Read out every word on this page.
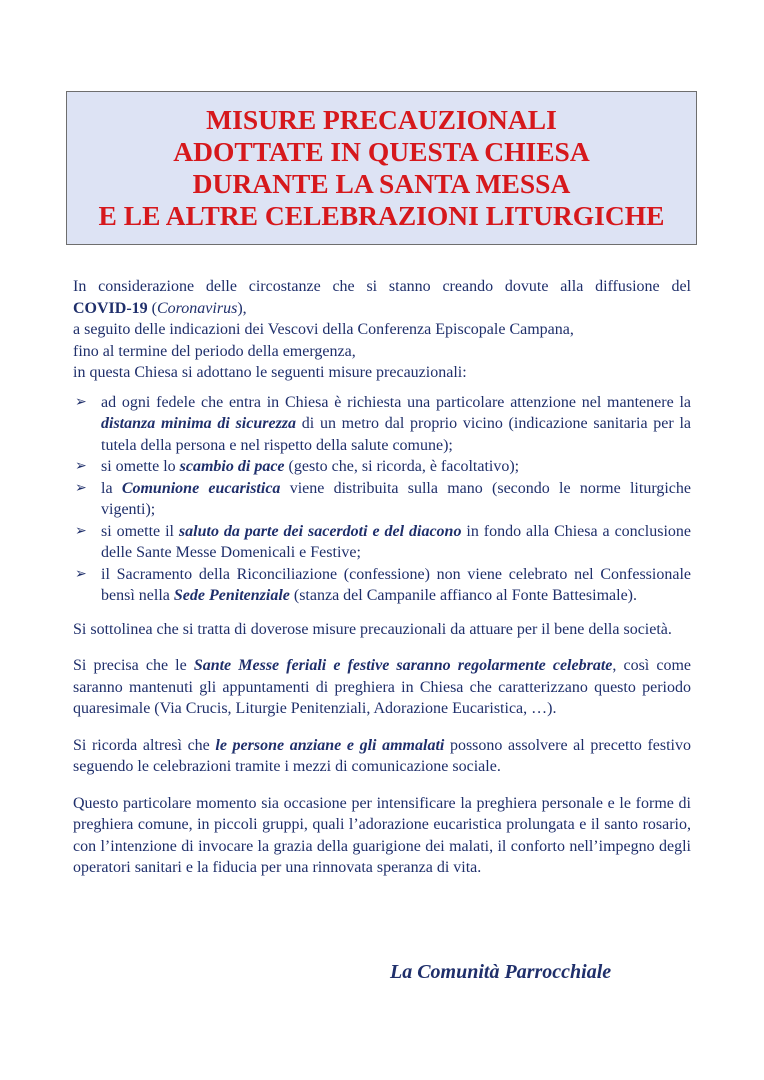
MISURE PRECAUZIONALI
ADOTTATE IN QUESTA CHIESA
DURANTE LA SANTA MESSA
E LE ALTRE CELEBRAZIONI LITURGICHE
In considerazione delle circostanze che si stanno creando dovute alla diffusione del
COVID-19 (Coronavirus),
a seguito delle indicazioni dei Vescovi della Conferenza Episcopale Campana,
fino al termine del periodo della emergenza,
in questa Chiesa si adottano le seguenti misure precauzionali:
➢ ad ogni fedele che entra in Chiesa è richiesta una particolare attenzione nel mantenere la distanza minima di sicurezza di un metro dal proprio vicino (indicazione sanitaria per la tutela della persona e nel rispetto della salute comune);
➢ si omette lo scambio di pace (gesto che, si ricorda, è facoltativo);
➢ la Comunione eucaristica viene distribuita sulla mano (secondo le norme liturgiche vigenti);
➢ si omette il saluto da parte dei sacerdoti e del diacono in fondo alla Chiesa a conclusione delle Sante Messe Domenicali e Festive;
➢ il Sacramento della Riconciliazione (confessione) non viene celebrato nel Confessionale bensì nella Sede Penitenziale (stanza del Campanile affianco al Fonte Battesimale).

Si sottolinea che si tratta di doverose misure precauzionali da attuare per il bene della società.

Si precisa che le Sante Messe feriali e festive saranno regolarmente celebrate, così come saranno mantenuti gli appuntamenti di preghiera in Chiesa che caratterizzano questo periodo quaresimale (Via Crucis, Liturgie Penitenziali, Adorazione Eucaristica, …).

Si ricorda altresì che le persone anziane e gli ammalati possono assolvere al precetto festivo seguendo le celebrazioni tramite i mezzi di comunicazione sociale.

Questo particolare momento sia occasione per intensificare la preghiera personale e le forme di preghiera comune, in piccoli gruppi, quali l’adorazione eucaristica prolungata e il santo rosario, con l’intenzione di invocare la grazia della guarigione dei malati, il conforto nell’impegno degli operatori sanitari e la fiducia per una rinnovata speranza di vita.

La Comunità Parrocchiale
